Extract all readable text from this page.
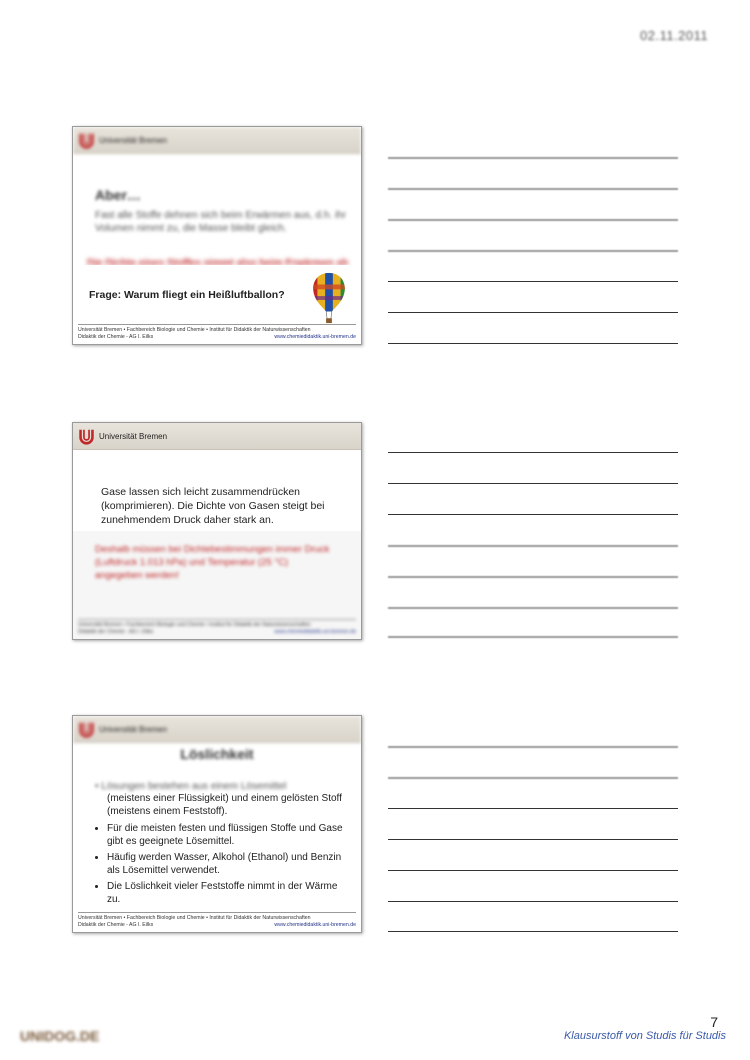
02.11.2011
Universität Bremen
Aber…
Fast alle Stoffe dehnen sich beim Erwärmen aus, d.h. ihr Volumen nimmt zu, die Masse bleibt gleich.
Die Dichte eines Stoffes nimmt also beim Erwärmen ab
Frage: Warum fliegt ein Heißluftballon?
Universität Bremen • Fachbereich Biologie und Chemie • Institut für Didaktik der Naturwissenschaften
Didaktik der Chemie - AG I. Eilks	www.chemiedidaktik.uni-bremen.de
Universität Bremen
Gase lassen sich leicht zusammendrücken (komprimieren). Die Dichte von Gasen steigt bei zunehmendem Druck daher stark an.
Deshalb müssen bei Dichtebestimmungen immer Druck (Luftdruck 1.013 hPa) und Temperatur (25 °C) angegeben werden!
Universität Bremen • Fachbereich Biologie und Chemie • Institut für Didaktik der Naturwissenschaften
Didaktik der Chemie - AG I. Eilks	www.chemiedidaktik.uni-bremen.de
Universität Bremen
Löslichkeit
• Lösungen bestehen aus einem Lösemittel
(meistens einer Flüssigkeit) und einem gelösten Stoff (meistens einem Feststoff).
• Für die meisten festen und flüssigen Stoffe und Gase gibt es geeignete Lösemittel.
• Häufig werden Wasser, Alkohol (Ethanol) und Benzin als Lösemittel verwendet.
• Die Löslichkeit vieler Feststoffe nimmt in der Wärme zu.
Universität Bremen • Fachbereich Biologie und Chemie • Institut für Didaktik der Naturwissenschaften
Didaktik der Chemie - AG I. Eilks	www.chemiedidaktik.uni-bremen.de
7
UNIDOG.DE	Klausurstoff von Studis für Studis
